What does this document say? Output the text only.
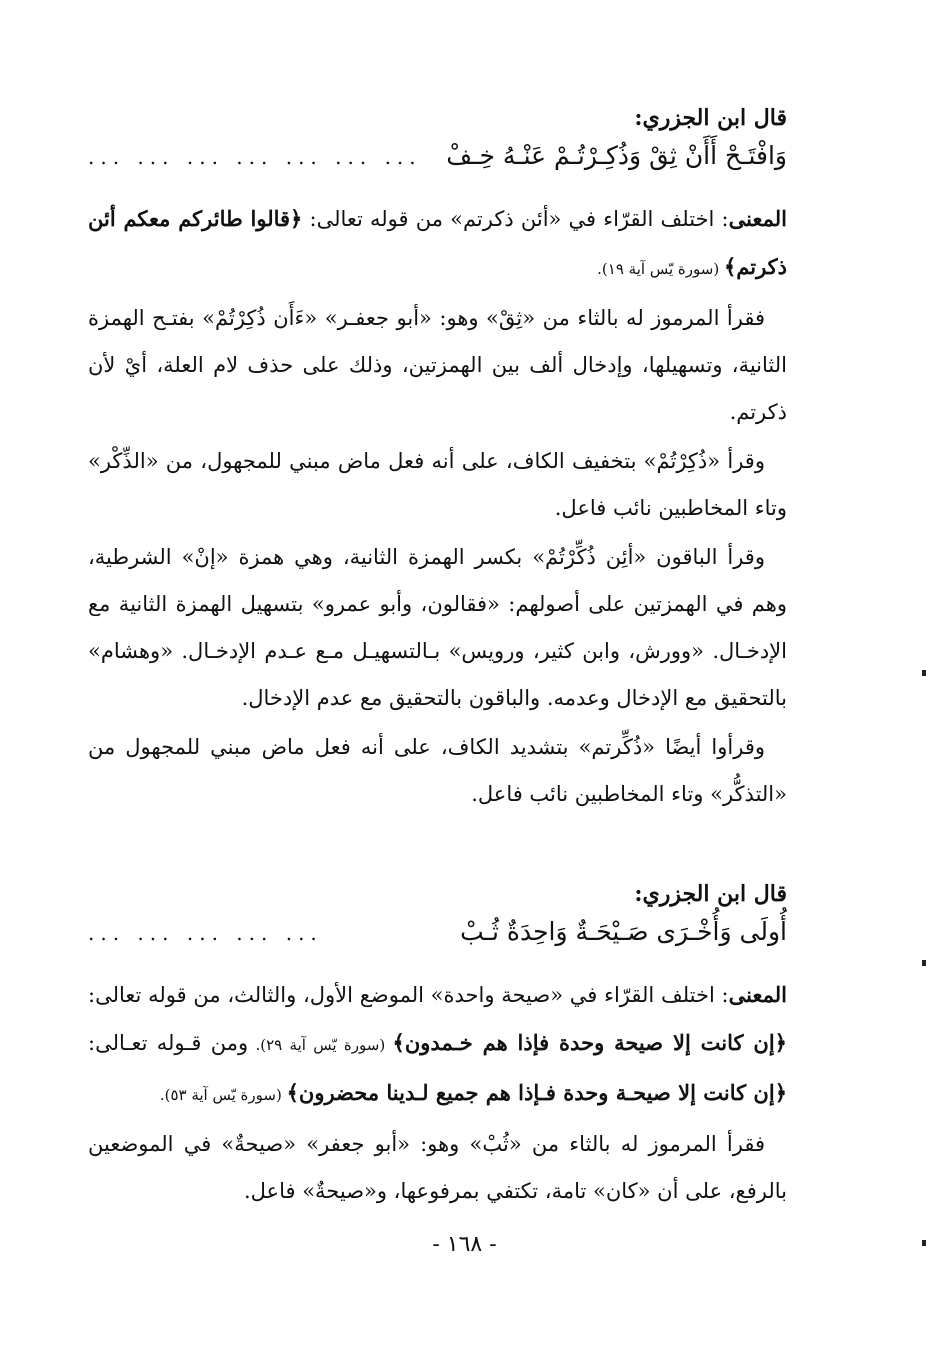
قال ابن الجزري:

وَافْتَـحْ أَأَنْ ثِقْ وَذُكِـرْتُـمْ عَنْـهُ خِـفْ
... ... ... ... ... ... ...

المعنى: اختلف القرّاء في «أئن ذكرتم» من قوله تعالى: ﴿قالوا طائركم معكم أئن ذكرتم﴾ (سورة يّس آية ١٩).

فقرأ المرموز له بالثاء من «ثِقْ» وهو: «أبو جعفـر» «ءَأَن ذُكِرْتُمْ» بفتـح الهمزة الثانية، وتسهيلها، وإدخال ألف بين الهمزتين، وذلك على حذف لام العلة، أيْ لأن ذكرتم.

وقرأ «ذُكِرْتُمْ» بتخفيف الكاف، على أنه فعل ماض مبني للمجهول، من «الذِّكْر» وتاء المخاطبين نائب فاعل.

وقرأ الباقون «أئِن ذُكِّرْتُمْ» بكسر الهمزة الثانية، وهي همزة «إنْ» الشرطية، وهم في الهمزتين على أصولهم: «فقالون، وأبو عمرو» بتسهيل الهمزة الثانية مع الإدخـال. «وورش، وابن كثير، ورويس» بـالتسهيـل مـع عـدم الإدخـال. «وهشام» بالتحقيق مع الإدخال وعدمه. والباقون بالتحقيق مع عدم الإدخال.

وقرأوا أيضًا «ذُكِّرتم» بتشديد الكاف، على أنه فعل ماض مبني للمجهول من «التذكُّر» وتاء المخاطبين نائب فاعل.

قال ابن الجزري:

أُولَى وَأُخْـرَى صَـيْحَـةٌ وَاحِدَةٌ ثُـبْ
... ... ... ... ...

المعنى: اختلف القرّاء في «صيحة واحدة» الموضع الأول، والثالث، من قوله تعالى: ﴿إن كانت إلا صيحة وحدة فإذا هم خـمدون﴾ (سورة يّس آية ٢٩). ومن قـوله تعـالى: ﴿إن كانت إلا صيحـة وحدة فـإذا هم جميع لـدينا محضرون﴾ (سورة يّس آية ٥٣).

فقرأ المرموز له بالثاء من «ثُبْ» وهو: «أبو جعفر» «صيحةٌ» في الموضعين بالرفع، على أن «كان» تامة، تكتفي بمرفوعها، و«صيحةٌ» فاعل.

- ١٦٨ -
